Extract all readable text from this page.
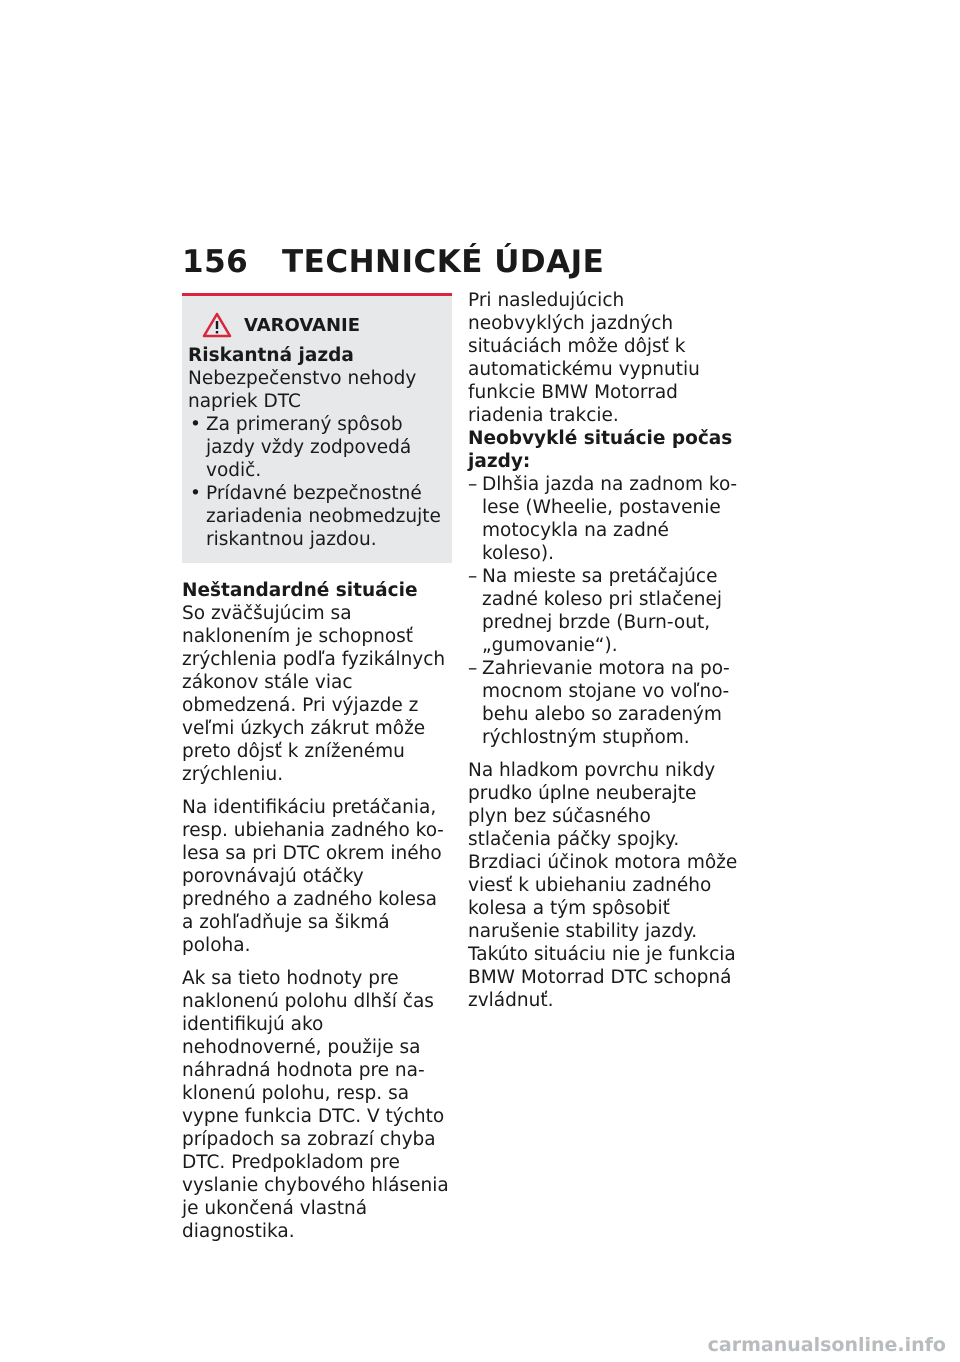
156 TECHNICKÉ ÚDAJE
VAROVANIE
Riskantná jazda

Nebezpečenstvo nehody napriek DTC

• Za primeraný spôsob jazdy vždy zodpovedá vodič.
• Prídavné bezpečnostné zariadenia neobmedzujte riskantnou jazdou.
Neštandardné situácie

So zväčšujúcim sa naklonením je schopnosť zrýchlenia podľa fyzikálnych zákonov stále viac obmedzená. Pri výjazde z veľmi úzkych zákrut môže preto dôjsť k zníženému zrýchleniu.

Na identifikáciu pretáčania, resp. ubiehania zadného kolesa sa pri DTC okrem iného porovnávajú otáčky predného a zadného kolesa a zohľadňuje sa šikmá poloha.

Ak sa tieto hodnoty pre naklonenú polohu dlhší čas identifikujú ako nehodnoverné, použije sa náhradná hodnota pre naklonenú polohu, resp. sa vypne funkcia DTC. V týchto prípadoch sa zobrazí chyba DTC. Predpokladom pre vyslanie chybového hlásenia je ukončená vlastná diagnostika.

Pri nasledujúcich neobvyklých jazdných situáciách môže dôjsť k automatickému vypnutiu funkcie BMW Motorrad riadenia trakcie.

Neobvyklé situácie počas jazdy:
– Dlhšia jazda na zadnom kolese (Wheelie, postavenie motocykla na zadné koleso).
– Na mieste sa pretáčajúce zadné koleso pri stlačenej prednej brzde (Burn-out, „gumovanie“).
– Zahrievanie motora na pomocnom stojane vo voľnobehu alebo so zaradeným rýchlostným stupňom.

Na hladkom povrchu nikdy prudko úplne neuberajte plyn bez súčasného stlačenia páčky spojky. Brzdiaci účinok motora môže viesť k ubiehaniu zadného kolesa a tým spôsobiť narušenie stability jazdy. Takúto situáciu nie je funkcia BMW Motorrad DTC schopná zvládnuť.

carmanualsonline.info
